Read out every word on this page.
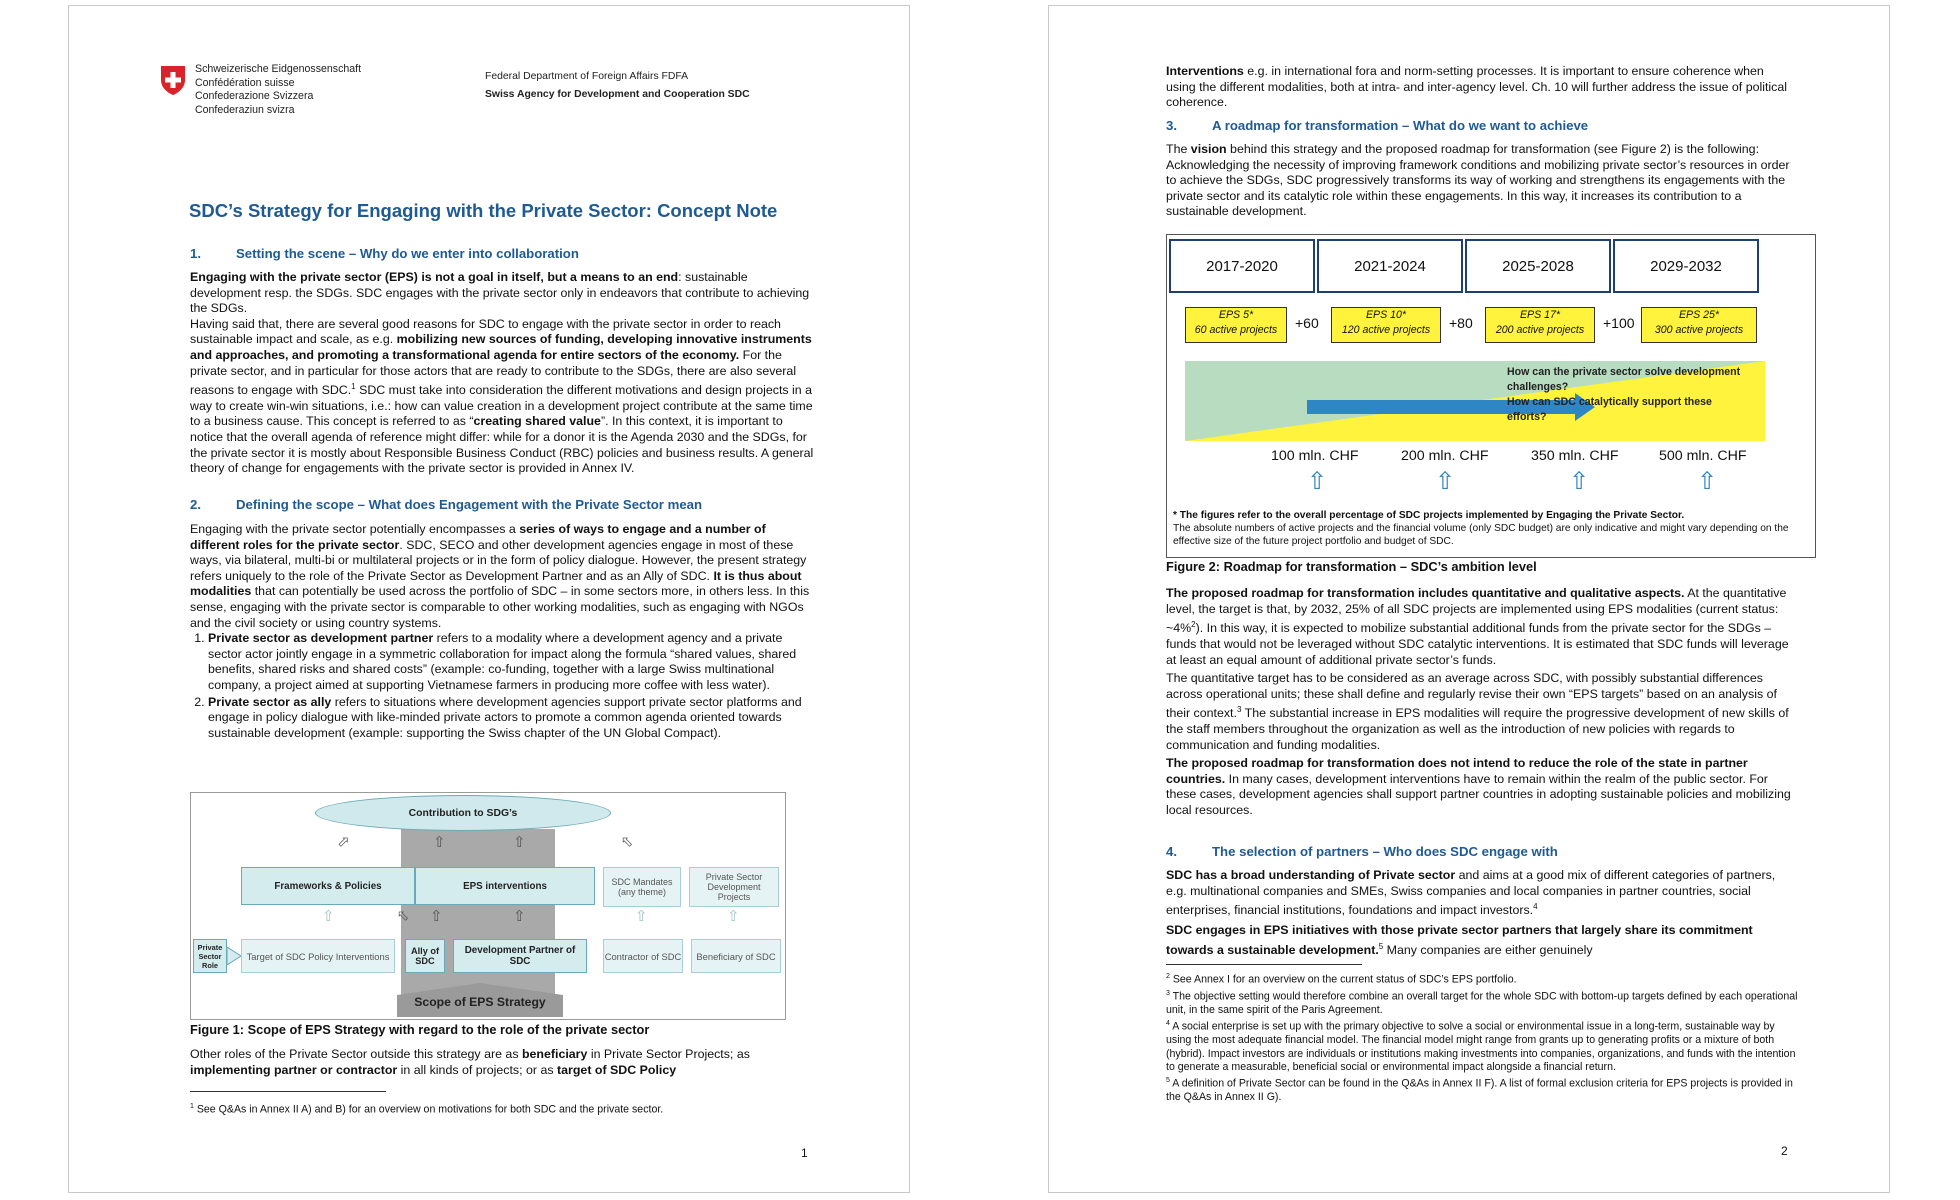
Schweizerische Eidgenossenschaft
Confédération suisse
Confederazione Svizzera
Confederaziun svizra
Federal Department of Foreign Affairs FDFA
Swiss Agency for Development and Cooperation SDC
SDC’s Strategy for Engaging with the Private Sector: Concept Note
1.	Setting the scene – Why do we enter into collaboration

Engaging with the private sector (EPS) is not a goal in itself, but a means to an end: sustainable development resp. the SDGs. SDC engages with the private sector only in endeavors that contribute to achieving the SDGs.

Having said that, there are several good reasons for SDC to engage with the private sector in order to reach sustainable impact and scale, as e.g. mobilizing new sources of funding, developing innovative instruments and approaches, and promoting a transformational agenda for entire sectors of the economy. For the private sector, and in particular for those actors that are ready to contribute to the SDGs, there are also several reasons to engage with SDC.$^1$ SDC must take into consideration the different motivations and design projects in a way to create win-win situations, i.e.: how can value creation in a development project contribute at the same time to a business cause. This concept is referred to as “creating shared value”. In this context, it is important to notice that the overall agenda of reference might differ: while for a donor it is the Agenda 2030 and the SDGs, for the private sector it is mostly about Responsible Business Conduct (RBC) policies and business results. A general theory of change for engagements with the private sector is provided in Annex IV.

2.	Defining the scope – What does Engagement with the Private Sector mean

Engaging with the private sector potentially encompasses a series of ways to engage and a number of different roles for the private sector. SDC, SECO and other development agencies engage in most of these ways, via bilateral, multi-bi or multilateral projects or in the form of policy dialogue. However, the present strategy refers uniquely to the role of the Private Sector as Development Partner and as an Ally of SDC. It is thus about modalities that can potentially be used across the portfolio of SDC – in some sectors more, in others less. In this sense, engaging with the private sector is comparable to other working modalities, such as engaging with NGOs and the civil society or using country systems.

1. Private sector as development partner refers to a modality where a development agency and a private sector actor jointly engage in a symmetric collaboration for impact along the formula “shared values, shared benefits, shared risks and shared costs” (example: co-funding, together with a large Swiss multinational company, a project aimed at supporting Vietnamese farmers in producing more coffee with less water).
2. Private sector as ally refers to situations where development agencies support private sector platforms and engage in policy dialogue with like-minded private actors to promote a common agenda oriented towards sustainable development (example: supporting the Swiss chapter of the UN Global Compact).
Contribution to SDG’s
⇧	⇧	⇧	⇧
Frameworks & Policies	EPS interventions	SDC Mandates (any theme)
Private Sector Development Projects
⇧	⇧ ⇧	⇧	⇧	⇧
Private Sector Role
Target of SDC Policy Interventions	Ally of SDC
Development Partner of SDC	Contractor of SDC	Beneficiary of SDC
Scope of EPS Strategy
Figure 1: Scope of EPS Strategy with regard to the role of the private sector

Other roles of the Private Sector outside this strategy are as beneficiary in Private Sector Projects; as implementing partner or contractor in all kinds of projects; or as target of SDC Policy

$^1$ See Q&As in Annex II A) and B) for an overview on motivations for both SDC and the private sector.

1

Interventions e.g. in international fora and norm-setting processes. It is important to ensure coherence when using the different modalities, both at intra- and inter-agency level. Ch. 10 will further address the issue of political coherence.

3.	A roadmap for transformation – What do we want to achieve

The vision behind this strategy and the proposed roadmap for transformation (see Figure 2) is the following: Acknowledging the necessity of improving framework conditions and mobilizing private sector’s resources in order to achieve the SDGs, SDC progressively transforms its way of working and strengthens its engagements with the private sector and its catalytic role within these engagements. In this way, it increases its contribution to a sustainable development.

2017-2020	2021-2024	2025-2028	2029-2032
EPS 5*
60 active projects	+60	EPS 10*
120 active projects	+80	EPS 17*
200 active projects	+100	EPS 25*
300 active projects
How can the private sector solve development challenges?
How can SDC catalytically support these efforts?
100 mln. CHF	200 mln. CHF	350 mln. CHF	500 mln. CHF
⇧	⇧	⇧	⇧

* The figures refer to the overall percentage of SDC projects implemented by Engaging the Private Sector.

The absolute numbers of active projects and the financial volume (only SDC budget) are only indicative and might vary depending on the effective size of the future project portfolio and budget of SDC.

Figure 2: Roadmap for transformation – SDC’s ambition level

The proposed roadmap for transformation includes quantitative and qualitative aspects. At the quantitative level, the target is that, by 2032, 25% of all SDC projects are implemented using EPS modalities (current status: ~4%$^2$). In this way, it is expected to mobilize substantial additional funds from the private sector for the SDGs – funds that would not be leveraged without SDC catalytic interventions. It is estimated that SDC funds will leverage at least an equal amount of additional private sector’s funds.

The quantitative target has to be considered as an average across SDC, with possibly substantial differences across operational units; these shall define and regularly revise their own “EPS targets” based on an analysis of their context.$^3$ The substantial increase in EPS modalities will require the progressive development of new skills of the staff members throughout the organization as well as the introduction of new policies with regards to communication and funding modalities.

The proposed roadmap for transformation does not intend to reduce the role of the state in partner countries. In many cases, development interventions have to remain within the realm of the public sector. For these cases, development agencies shall support partner countries in adopting sustainable policies and mobilizing local resources.

4.	The selection of partners – Who does SDC engage with

SDC has a broad understanding of Private sector and aims at a good mix of different categories of partners, e.g. multinational companies and SMEs, Swiss companies and local companies in partner countries, social enterprises, financial institutions, foundations and impact investors.$^4$

SDC engages in EPS initiatives with those private sector partners that largely share its commitment towards a sustainable development.$^5$ Many companies are either genuinely

$^2$ See Annex I for an overview on the current status of SDC’s EPS portfolio.

$^3$ The objective setting would therefore combine an overall target for the whole SDC with bottom-up targets defined by each operational unit, in the same spirit of the Paris Agreement.

$^4$ A social enterprise is set up with the primary objective to solve a social or environmental issue in a long-term, sustainable way by using the most adequate financial model. The financial model might range from grants up to generating profits or a mixture of both (hybrid). Impact investors are individuals or institutions making investments into companies, organizations, and funds with the intention to generate a measurable, beneficial social or environmental impact alongside a financial return.

$^5$ A definition of Private Sector can be found in the Q&As in Annex II F). A list of formal exclusion criteria for EPS projects is provided in the Q&As in Annex II G).

2
